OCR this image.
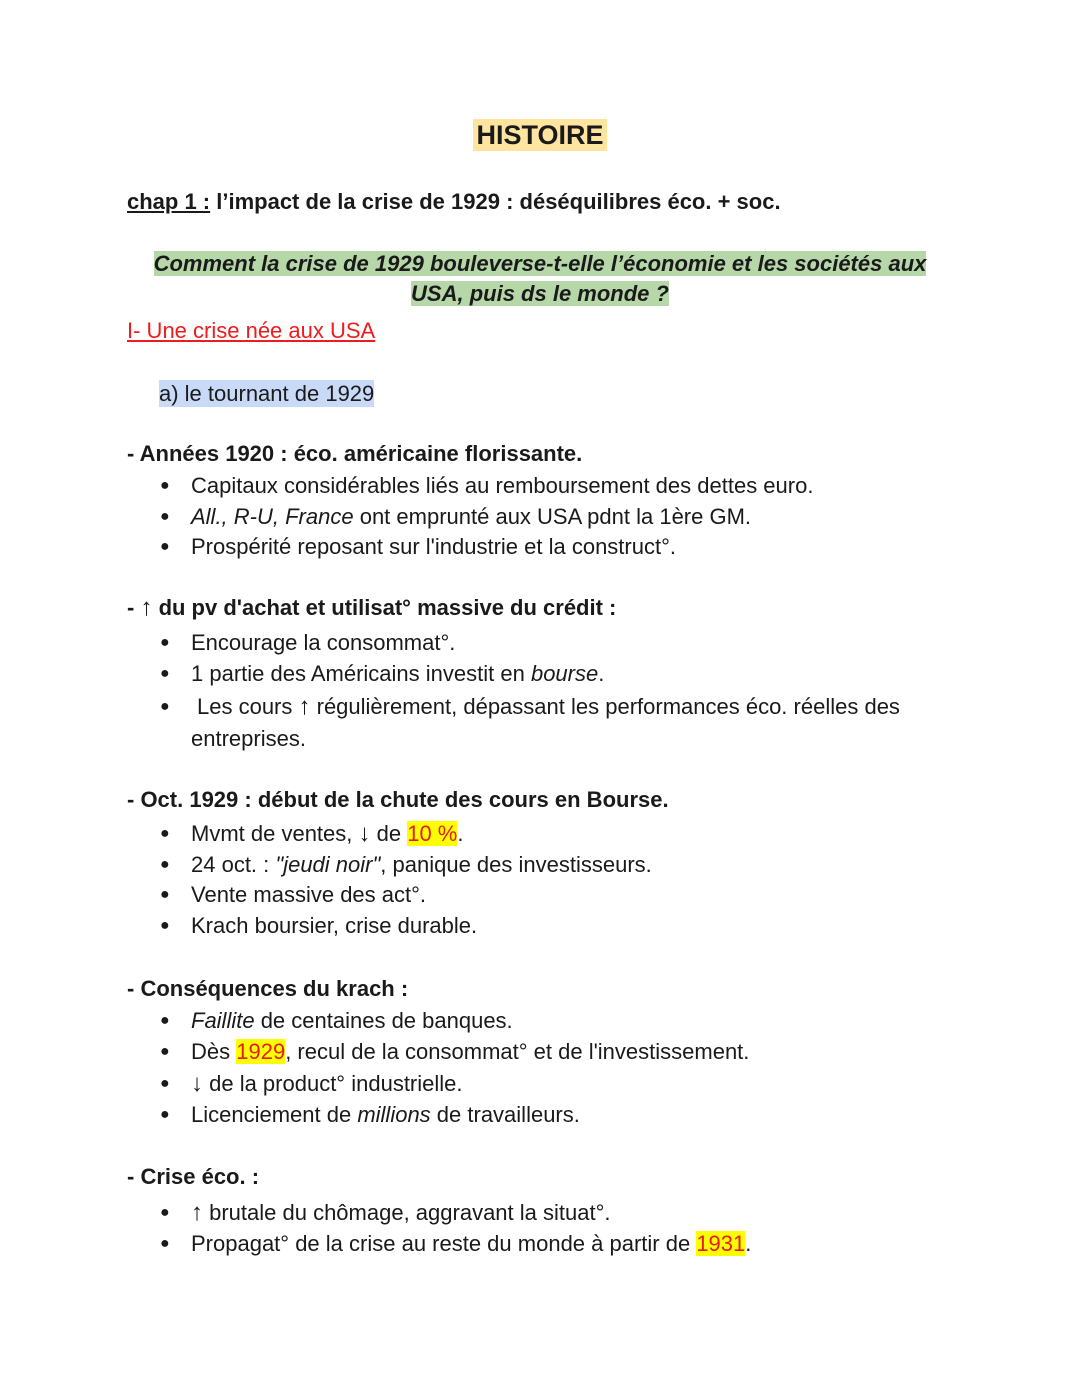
HISTOIRE
chap 1 : l’impact de la crise de 1929 : déséquilibres éco. + soc.
Comment la crise de 1929 bouleverse-t-elle l’économie et les sociétés aux
USA, puis ds le monde ?
I- Une crise née aux USA
a) le tournant de 1929
- Années 1920 : éco. américaine florissante.
● Capitaux considérables liés au remboursement des dettes euro.
● All., R-U, France ont emprunté aux USA pdnt la 1ère GM.
● Prospérité reposant sur l'industrie et la construct°.
- ↑ du pv d'achat et utilisat° massive du crédit :
● Encourage la consommat°.
● 1 partie des Américains investit en bourse.
● Les cours ↑ régulièrement, dépassant les performances éco. réelles des entreprises.
- Oct. 1929 : début de la chute des cours en Bourse.
● Mvmt de ventes, ↓ de 10 %.
● 24 oct. : "jeudi noir", panique des investisseurs.
● Vente massive des act°.
● Krach boursier, crise durable.
- Conséquences du krach :
● Faillite de centaines de banques.
● Dès 1929, recul de la consommat° et de l'investissement.
● ↓ de la product° industrielle.
● Licenciement de millions de travailleurs.
- Crise éco. :
● ↑ brutale du chômage, aggravant la situat°.
● Propagat° de la crise au reste du monde à partir de 1931.
